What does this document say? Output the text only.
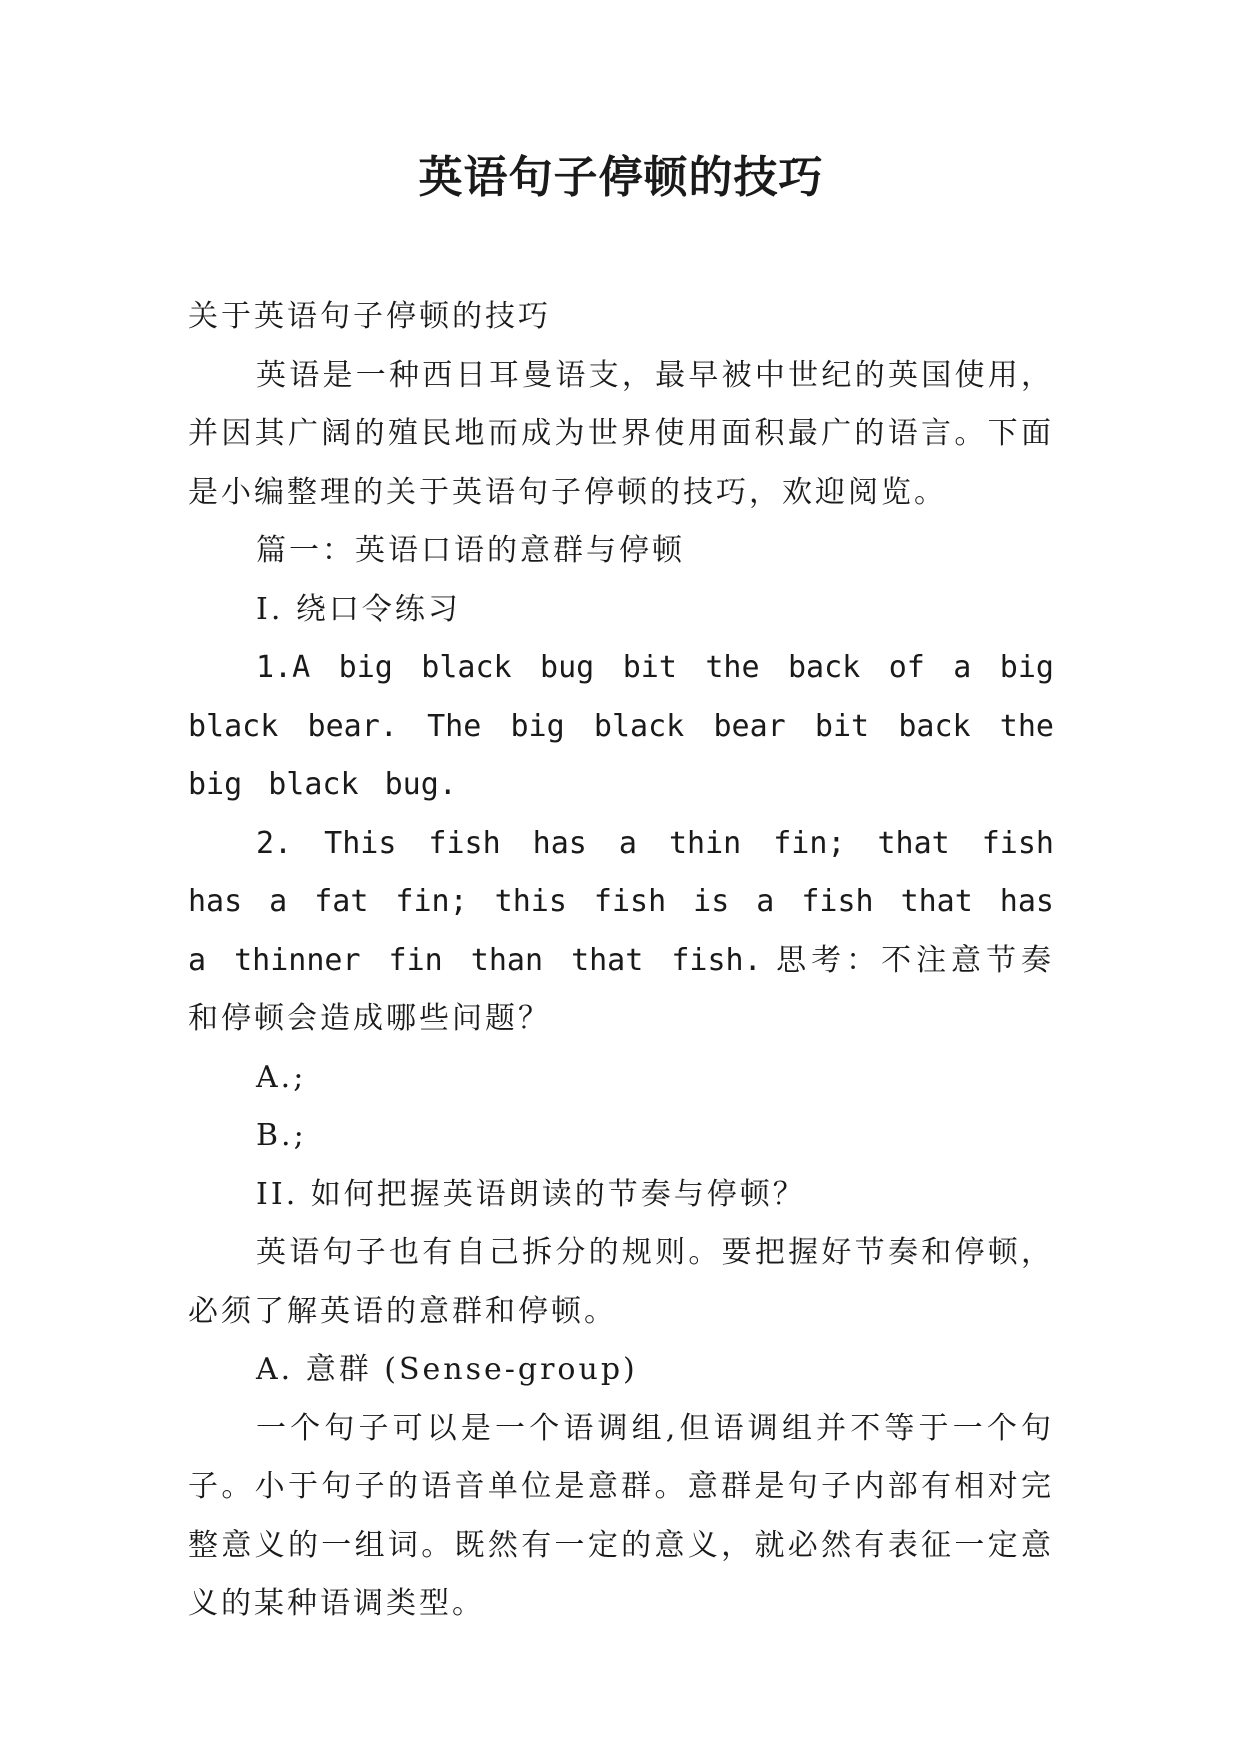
英语句子停顿的技巧

关于英语句子停顿的技巧

英语是一种西日耳曼语支，最早被中世纪的英国使用，并因其广阔的殖民地而成为世界使用面积最广的语言。下面是小编整理的关于英语句子停顿的技巧，欢迎阅览。

篇一：英语口语的意群与停顿

I. 绕口令练习

1.A big black bug bit the back of a big black bear. The big black bear bit back the big black bug.

2. This fish has a thin fin; that fish has a fat fin; this fish is a fish that has a thinner fin than that fish. 思考：不注意节奏和停顿会造成哪些问题？

A.;

B.;

II. 如何把握英语朗读的节奏与停顿？

英语句子也有自己拆分的规则。要把握好节奏和停顿，必须了解英语的意群和停顿。

A. 意群 (Sense-group)

一个句子可以是一个语调组,但语调组并不等于一个句子。小于句子的语音单位是意群。意群是句子内部有相对完整意义的一组词。既然有一定的意义，就必然有表征一定意义的某种语调类型。
